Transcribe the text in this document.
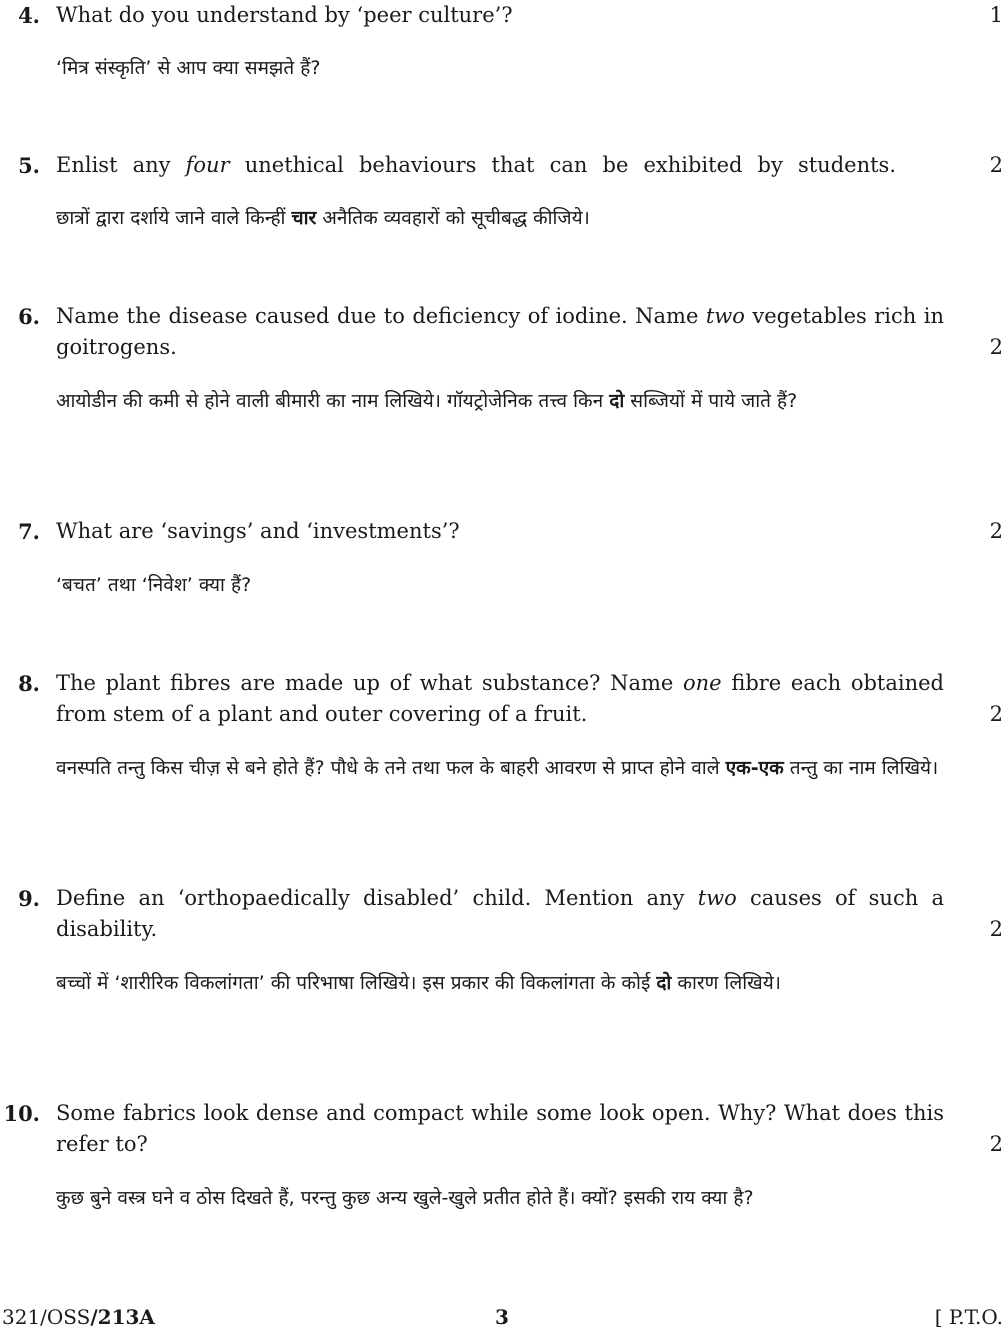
4. What do you understand by ‘peer culture’?
‘मित्र संस्कृति’ से आप क्या समझते हैं?
1
5. Enlist any four unethical behaviours that can be exhibited by students.
छात्रों द्वारा दर्शाये जाने वाले किन्हीं चार अनैतिक व्यवहारों को सूचीबद्ध कीजिये।
2
6. Name the disease caused due to deficiency of iodine. Name two vegetables rich in goitrogens.
आयोडीन की कमी से होने वाली बीमारी का नाम लिखिये। गॉयट्रोजेनिक तत्त्व किन दो सब्जियों में पाये जाते हैं?
2
7. What are ‘savings’ and ‘investments’?
‘बचत’ तथा ‘निवेश’ क्या हैं?
2
8. The plant fibres are made up of what substance? Name one fibre each obtained from stem of a plant and outer covering of a fruit.
वनस्पति तन्तु किस चीज़ से बने होते हैं? पौधे के तने तथा फल के बाहरी आवरण से प्राप्त होने वाले एक-एक तन्तु का नाम लिखिये।
2
9. Define an ‘orthopaedically disabled’ child. Mention any two causes of such a disability.
बच्चों में ‘शारीरिक विकलांगता’ की परिभाषा लिखिये। इस प्रकार की विकलांगता के कोई दो कारण लिखिये।
2
10. Some fabrics look dense and compact while some look open. Why? What does this refer to?
कुछ बुने वस्त्र घने व ठोस दिखते हैं, परन्तु कुछ अन्य खुले-खुले प्रतीत होते हैं। क्यों? इसकी राय क्या है?
2
321/OSS/213A	3	[ P.T.O.
